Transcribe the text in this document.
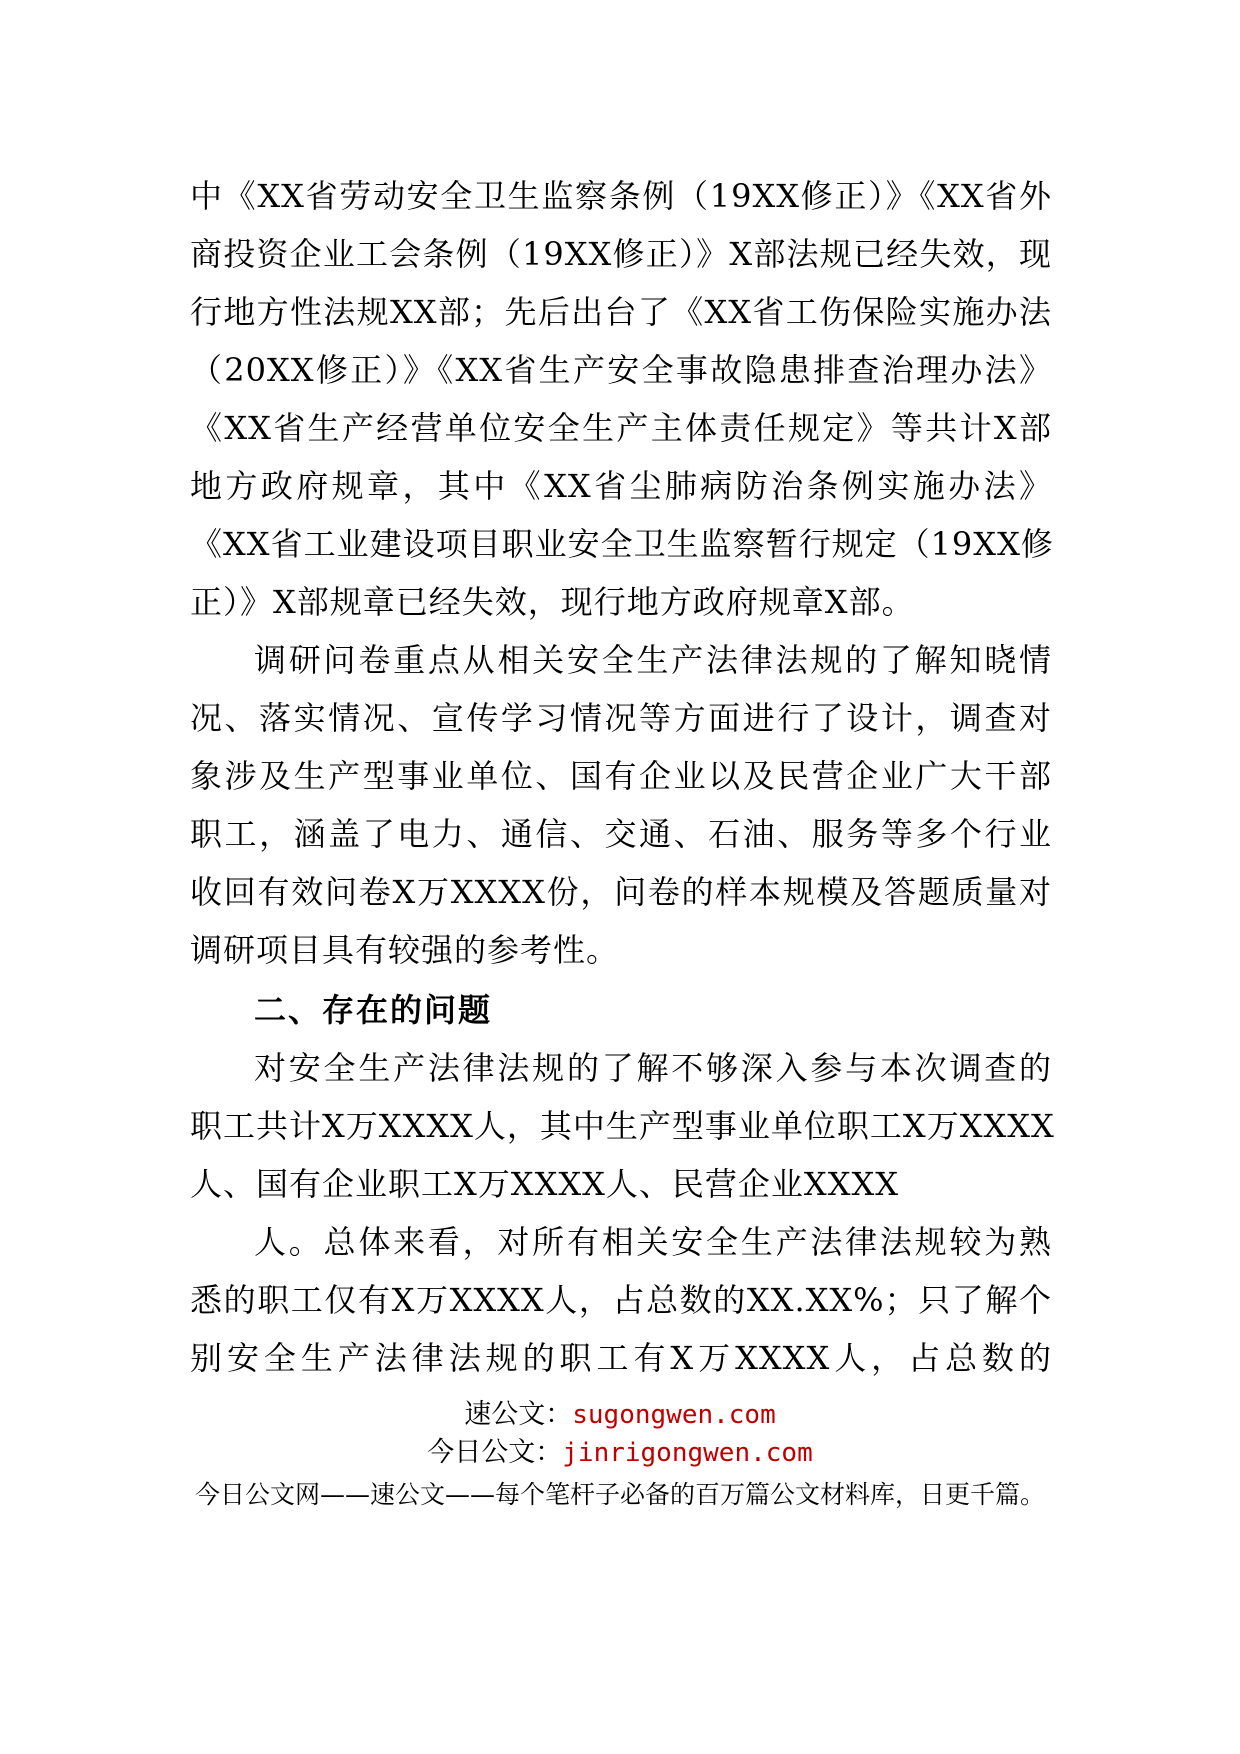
中《XX省劳动安全卫生监察条例（19XX修正）》《XX省外
商投资企业工会条例（19XX修正）》X部法规已经失效，现
行地方性法规XX部；先后出台了《XX省工伤保险实施办法
（20XX修正）》《XX省生产安全事故隐患排查治理办法》
《XX省生产经营单位安全生产主体责任规定》等共计X部
地方政府规章，其中《XX省尘肺病防治条例实施办法》
《XX省工业建设项目职业安全卫生监察暂行规定（19XX修
正）》X部规章已经失效，现行地方政府规章X部。
调研问卷重点从相关安全生产法律法规的了解知晓情
况、落实情况、宣传学习情况等方面进行了设计，调查对
象涉及生产型事业单位、国有企业以及民营企业广大干部
职工，涵盖了电力、通信、交通、石油、服务等多个行业
收回有效问卷X万XXXX份，问卷的样本规模及答题质量对
调研项目具有较强的参考性。
二、存在的问题
对安全生产法律法规的了解不够深入参与本次调查的
职工共计X万XXXX人，其中生产型事业单位职工X万XXXX
人、国有企业职工X万XXXX人、民营企业XXXX
人。总体来看，对所有相关安全生产法律法规较为熟
悉的职工仅有X万XXXX人，占总数的XX.XX%；只了解个
别安全生产法律法规的职工有X万XXXX人，占总数的
速公文：sugongwen.com
今日公文：jinrigongwen.com
今日公文网——速公文——每个笔杆子必备的百万篇公文材料库，日更千篇。
